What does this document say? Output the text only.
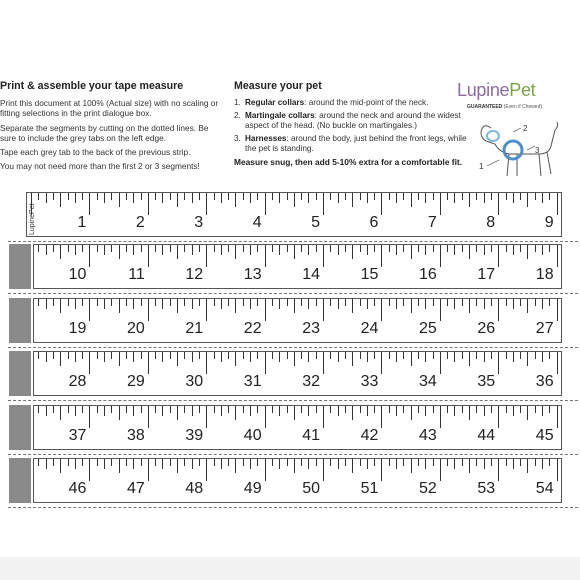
Print & assemble your tape measure

Print this document at 100% (Actual size) with no scaling or fitting selections in the print dialogue box.

Separate the segments by cutting on the dotted lines. Be sure to include the grey tabs on the left edge.

Tape each grey tab to the back of the previous strip.

You may not need more than the first 2 or 3 segments!

Measure your pet
1. Regular collars: around the mid-point of the neck.
2. Martingale collars: around the neck and around the widest aspect of the head. (No buckle on martingales.)
3. Harnesses: around the body, just behind the front legs, while the pet is standing.
Measure snug, then add 5-10% extra for a comfortable fit.
LupinePet
GUARANTEED (Even if Chewed)
1
2
3
1	2	3	4	5	6	7	8	9
LupinePet
10	11	12	13	14	15	16	17	18
19	20	21	22	23	24	25	26	27
28	29	30	31	32	33	34	35	36
37	38	39	40	41	42	43	44	45
46	47	48	49	50	51	52	53	54
